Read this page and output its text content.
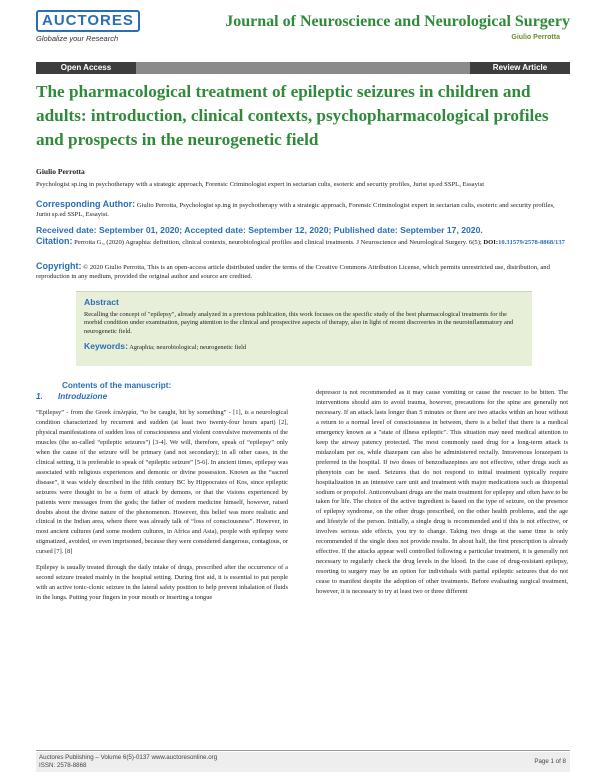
AUCTORES
Globalize your Research
Journal of Neuroscience and Neurological Surgery
Giulio Perrotta
Open Access	Review Article
The pharmacological treatment of epileptic seizures in children and adults: introduction, clinical contexts, psychopharmacological profiles and prospects in the neurogenetic field
Giulio Perrotta
Psychologist sp.ing in psychotherapy with a strategic approach, Forensic Criminologist expert in sectarian cults, esoteric and security profiles, Jurist sp.ed SSPL, Essayist
Corresponding Author: Giulio Perrotta, Psychologist sp.ing in psychotherapy with a strategic approach, Forensic Criminologist expert in sectarian cults, esoteric and security profiles, Jurist sp.ed SSPL, Essayist.
Received date: September 01, 2020; Accepted date: September 12, 2020; Published date: September 17, 2020.
Citation: Perrotta G., (2020) Agraphia: definition, clinical contexts, neurobiological profiles and clinical treatments. J Neuroscience and Neurological Surgery. 6(5); DOI:10.31579/2578-8868/137
Copyright: © 2020 Giulio Perrotta, This is an open-access article distributed under the terms of the Creative Commons Attribution License, which permits unrestricted use, distribution, and reproduction in any medium, provided the original author and source are credited.
Abstract
Recalling the concept of "epilepsy", already analyzed in a previous publication, this work focuses on the specific study of the best pharmacological treatments for the morbid condition under examination, paying attention to the clinical and prospective aspects of therapy, also in light of recent discoveries in the neuroinflammatory and neurogenetic field.
Keywords: Agraphia; neurobiological; neurogenetic field
Contents of the manuscript:
1. Introduzione

“Epilepsy” - from the Greek ἐπιληψία, “to be caught, hit by something” - [1], is a neurological condition characterized by recurrent and sudden (at least two twenty-four hours apart) [2], physical manifestations of sudden loss of consciousness and violent convulsive movements of the muscles (the so-called “epileptic seizures”) [3-4]. We will, therefore, speak of “epilepsy” only when the cause of the seizure will be primary (and not secondary); in all other cases, in the clinical setting, it is preferable to speak of “epileptic seizure” [5-6]. In ancient times, epilepsy was associated with religious experiences and demonic or divine possession. Known as the “sacred disease”, it was widely described in the fifth century BC by Hippocrates of Kos, since epileptic seizures were thought to be a form of attack by demons, or that the visions experienced by patients were messages from the gods; the father of modern medicine himself, however, raised doubts about the divine nature of the phenomenon. However, this belief was more realistic and clinical in the Indian area, where there was already talk of “loss of consciousness”. However, in most ancient cultures (and some modern cultures, in Africa and Asia), people with epilepsy were stigmatized, avoided, or even imprisoned, because they were considered dangerous, contagious, or cursed [7]. [8]

Epilepsy is usually treated through the daily intake of drugs, prescribed after the occurrence of a second seizure treated mainly in the hospital setting. During first aid, it is essential to put people with an active tonic-clonic seizure in the lateral safety position to help prevent inhalation of fluids in the lungs. Putting your fingers in your mouth or inserting a tongue

depressor is not recommended as it may cause vomiting or cause the rescuer to be bitten. The interventions should aim to avoid trauma, however, precautions for the spine are generally not necessary. If an attack lasts longer than 5 minutes or there are two attacks within an hour without a return to a normal level of consciousness in between, there is a belief that there is a medical emergency known as a "state of illness epileptic". This situation may need medical attention to keep the airway patency protected. The most commonly used drug for a long-term attack is midazolam per os, while diazepam can also be administered rectally. Intravenous lorazepam is preferred in the hospital. If two doses of benzodiazepines are not effective, other drugs such as phenytoin can be used. Seizures that do not respond to initial treatment typically require hospitalization in an intensive care unit and treatment with major medications such as thiopental sodium or propofol. Anticonvulsant drugs are the main treatment for epilepsy and often have to be taken for life. The choice of the active ingredient is based on the type of seizure, on the presence of epilepsy syndrome, on the other drugs prescribed, on the other health problems, and the age and lifestyle of the person. Initially, a single drug is recommended and if this is not effective, or involves serious side effects, you try to change. Taking two drugs at the same time is only recommended if the single does not provide results. In about half, the first prescription is already effective. If the attacks appear well controlled following a particular treatment, it is generally not necessary to regularly check the drug levels in the blood. In the case of drug-resistant epilepsy, resorting to surgery may be an option for individuals with partial epileptic seizures that do not cease to manifest despite the adoption of other treatments. Before evaluating surgical treatment, however, it is necessary to try at least two or three different

Auctores Publishing – Volume 6(5)-0137 www.auctoresonline.org
ISSN: 2578-8868
Page 1 of 8
